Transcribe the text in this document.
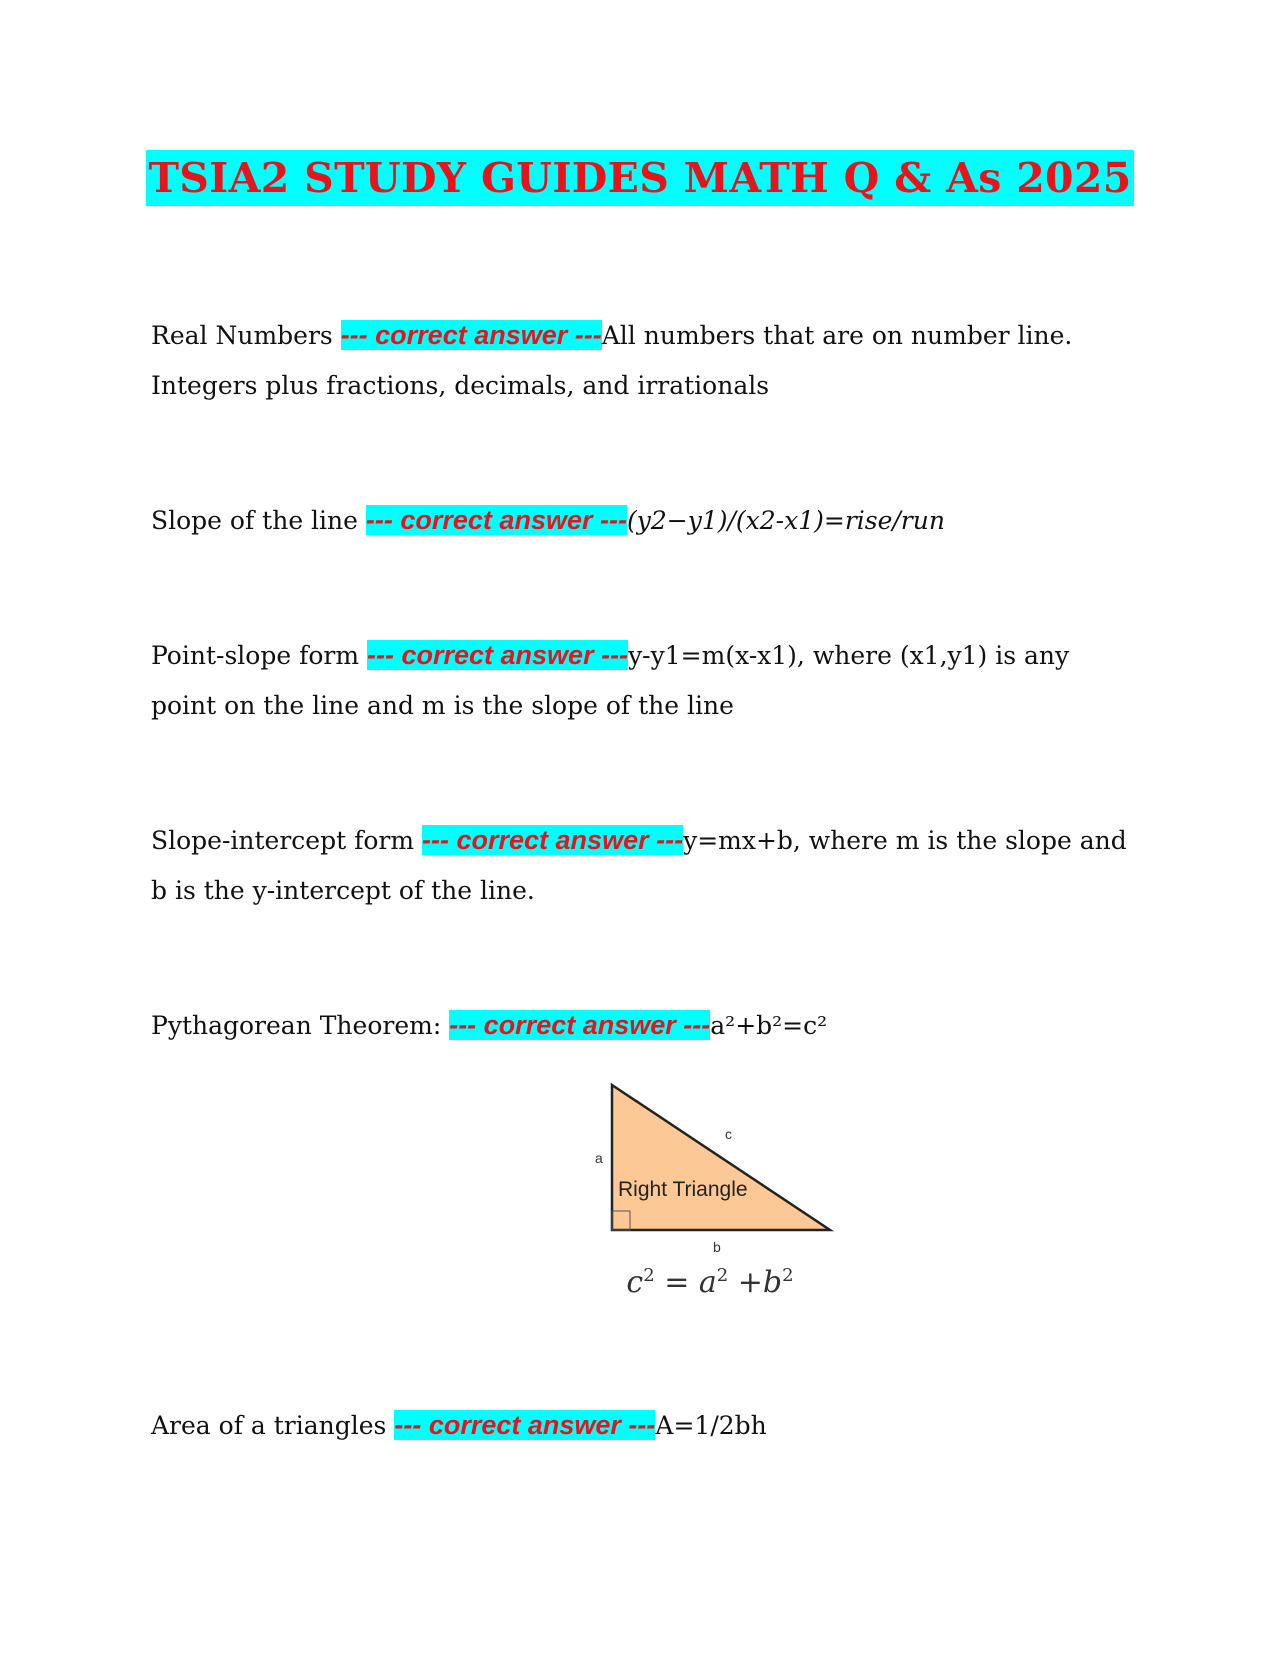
TSIA2 STUDY GUIDES MATH Q & As 2025

Real Numbers --- correct answer ---All numbers that are on number line. Integers plus fractions, decimals, and irrationals

Slope of the line --- correct answer ---(y2−y1)/(x2-x1)=rise/run

Point-slope form --- correct answer ---y-y1=m(x-x1), where (x1,y1) is any point on the line and m is the slope of the line

Slope-intercept form --- correct answer ---y=mx+b, where m is the slope and b is the y-intercept of the line.

Pythagorean Theorem: --- correct answer ---a²+b²=c²

a
c
b
Right Triangle
$c^2 = a^2 +b^2$

Area of a triangles --- correct answer ---A=1/2bh
